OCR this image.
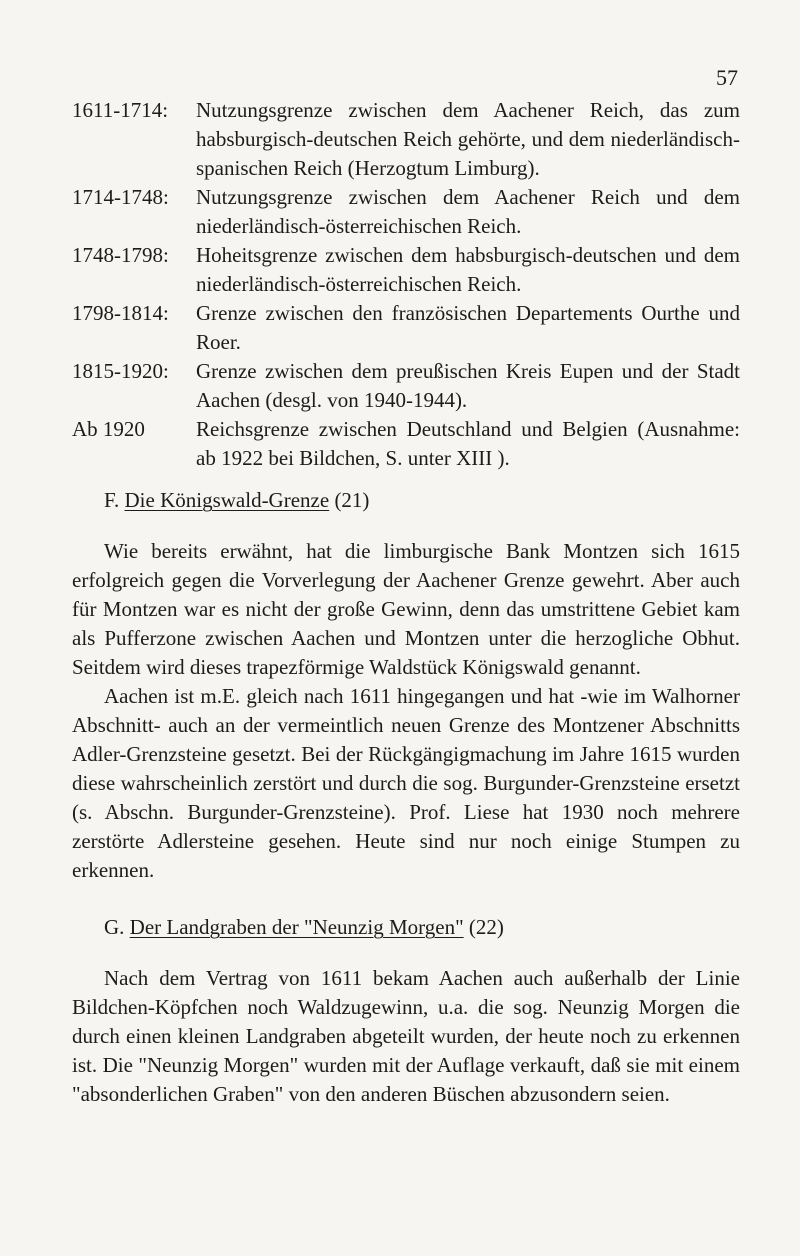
57
1611-1714:	Nutzungsgrenze zwischen dem Aachener Reich, das zum habsburgisch-deutschen Reich gehörte, und dem niederländisch-spanischen Reich (Herzogtum Limburg).
1714-1748:	Nutzungsgrenze zwischen dem Aachener Reich und dem niederländisch-österreichischen Reich.
1748-1798:	Hoheitsgrenze zwischen dem habsburgisch-deutschen und dem niederländisch-österreichischen Reich.
1798-1814:	Grenze zwischen den französischen Departements Ourthe und Roer.
1815-1920:	Grenze zwischen dem preußischen Kreis Eupen und der Stadt Aachen (desgl. von 1940-1944).
Ab 1920	Reichsgrenze zwischen Deutschland und Belgien (Ausnahme: ab 1922 bei Bildchen, S. unter XIII ).
F. Die Königswald-Grenze (21)

Wie bereits erwähnt, hat die limburgische Bank Montzen sich 1615 erfolgreich gegen die Vorverlegung der Aachener Grenze gewehrt. Aber auch für Montzen war es nicht der große Gewinn, denn das umstrittene Gebiet kam als Pufferzone zwischen Aachen und Montzen unter die herzogliche Obhut. Seitdem wird dieses trapezförmige Waldstück Königswald genannt.

Aachen ist m.E. gleich nach 1611 hingegangen und hat -wie im Walhorner Abschnitt- auch an der vermeintlich neuen Grenze des Montzener Abschnitts Adler-Grenzsteine gesetzt. Bei der Rückgängigmachung im Jahre 1615 wurden diese wahrscheinlich zerstört und durch die sog. Burgunder-Grenzsteine ersetzt (s. Abschn. Burgunder-Grenzsteine). Prof. Liese hat 1930 noch mehrere zerstörte Adlersteine gesehen. Heute sind nur noch einige Stumpen zu erkennen.

G. Der Landgraben der "Neunzig Morgen" (22)

Nach dem Vertrag von 1611 bekam Aachen auch außerhalb der Linie Bildchen-Köpfchen noch Waldzugewinn, u.a. die sog. Neunzig Morgen die durch einen kleinen Landgraben abgeteilt wurden, der heute noch zu erkennen ist. Die "Neunzig Morgen" wurden mit der Auflage verkauft, daß sie mit einem "absonderlichen Graben" von den anderen Büschen abzusondern seien.
